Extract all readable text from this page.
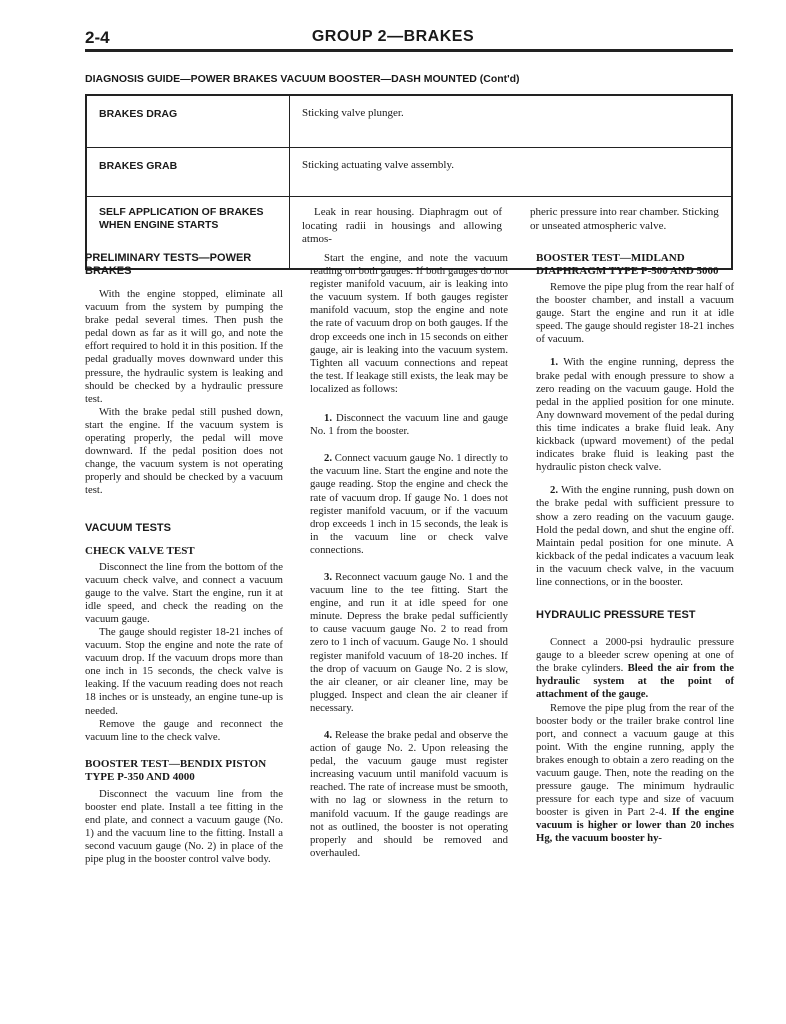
2-4	GROUP 2—BRAKES
DIAGNOSIS GUIDE—POWER BRAKES VACUUM BOOSTER—DASH MOUNTED (Cont'd)
BRAKES DRAG	Sticking valve plunger.
BRAKES GRAB	Sticking actuating valve assembly.
SELF APPLICATION OF BRAKES WHEN ENGINE STARTS	Leak in rear housing. Diaphragm out of locating radii in housings and allowing atmos-
pheric pressure into rear chamber. Sticking or unseated atmospheric valve.
PRELIMINARY TESTS—POWER BRAKES

With the engine stopped, eliminate all vacuum from the system by pumping the brake pedal several times. Then push the pedal down as far as it will go, and note the effort required to hold it in this position. If the pedal gradually moves downward under this pressure, the hydraulic system is leaking and should be checked by a hydraulic pressure test.

With the brake pedal still pushed down, start the engine. If the vacuum system is operating properly, the pedal will move downward. If the pedal position does not change, the vacuum system is not operating properly and should be checked by a vacuum test.

VACUUM TESTS
CHECK VALVE TEST

Disconnect the line from the bottom of the vacuum check valve, and connect a vacuum gauge to the valve. Start the engine, run it at idle speed, and check the reading on the vacuum gauge.

The gauge should register 18-21 inches of vacuum. Stop the engine and note the rate of vacuum drop. If the vacuum drops more than one inch in 15 seconds, the check valve is leaking. If the vacuum reading does not reach 18 inches or is unsteady, an engine tune-up is needed.

Remove the gauge and reconnect the vacuum line to the check valve.

BOOSTER TEST—BENDIX PISTON TYPE P-350 AND 4000

Disconnect the vacuum line from the booster end plate. Install a tee fitting in the end plate, and connect a vacuum gauge (No. 1) and the vacuum line to the fitting. Install a second vacuum gauge (No. 2) in place of the pipe plug in the booster control valve body.

Start the engine, and note the vacuum reading on both gauges. If both gauges do not register manifold vacuum, air is leaking into the vacuum system. If both gauges register manifold vacuum, stop the engine and note the rate of vacuum drop on both gauges. If the drop exceeds one inch in 15 seconds on either gauge, air is leaking into the vacuum system. Tighten all vacuum connections and repeat the test. If leakage still exists, the leak may be localized as follows:

1. Disconnect the vacuum line and gauge No. 1 from the booster.

2. Connect vacuum gauge No. 1 directly to the vacuum line. Start the engine and note the gauge reading. Stop the engine and check the rate of vacuum drop. If gauge No. 1 does not register manifold vacuum, or if the vacuum drop exceeds 1 inch in 15 seconds, the leak is in the vacuum line or check valve connections.

3. Reconnect vacuum gauge No. 1 and the vacuum line to the tee fitting. Start the engine, and run it at idle speed for one minute. Depress the brake pedal sufficiently to cause vacuum gauge No. 2 to read from zero to 1 inch of vacuum. Gauge No. 1 should register manifold vacuum of 18-20 inches. If the drop of vacuum on Gauge No. 2 is slow, the air cleaner, or air cleaner line, may be plugged. Inspect and clean the air cleaner if necessary.

4. Release the brake pedal and observe the action of gauge No. 2. Upon releasing the pedal, the vacuum gauge must register increasing vacuum until manifold vacuum is reached. The rate of increase must be smooth, with no lag or slowness in the return to manifold vacuum. If the gauge readings are not as outlined, the booster is not operating properly and should be removed and overhauled.

BOOSTER TEST—MIDLAND DIAPHRAGM TYPE P-500 AND 5000

Remove the pipe plug from the rear half of the booster chamber, and install a vacuum gauge. Start the engine and run it at idle speed. The gauge should register 18-21 inches of vacuum.

1. With the engine running, depress the brake pedal with enough pressure to show a zero reading on the vacuum gauge. Hold the pedal in the applied position for one minute. Any downward movement of the pedal during this time indicates a brake fluid leak. Any kickback (upward movement) of the pedal indicates brake fluid is leaking past the hydraulic piston check valve.

2. With the engine running, push down on the brake pedal with sufficient pressure to show a zero reading on the vacuum gauge. Hold the pedal down, and shut the engine off. Maintain pedal position for one minute. A kickback of the pedal indicates a vacuum leak in the vacuum check valve, in the vacuum line connections, or in the booster.

HYDRAULIC PRESSURE TEST

Connect a 2000-psi hydraulic pressure gauge to a bleeder screw opening at one of the brake cylinders. Bleed the air from the hydraulic system at the point of attachment of the gauge.

Remove the pipe plug from the rear of the booster body or the trailer brake control line port, and connect a vacuum gauge at this point. With the engine running, apply the brakes enough to obtain a zero reading on the vacuum gauge. Then, note the reading on the pressure gauge. The minimum hydraulic pressure for each type and size of vacuum booster is given in Part 2-4. If the engine vacuum is higher or lower than 20 inches Hg, the vacuum booster hy-
